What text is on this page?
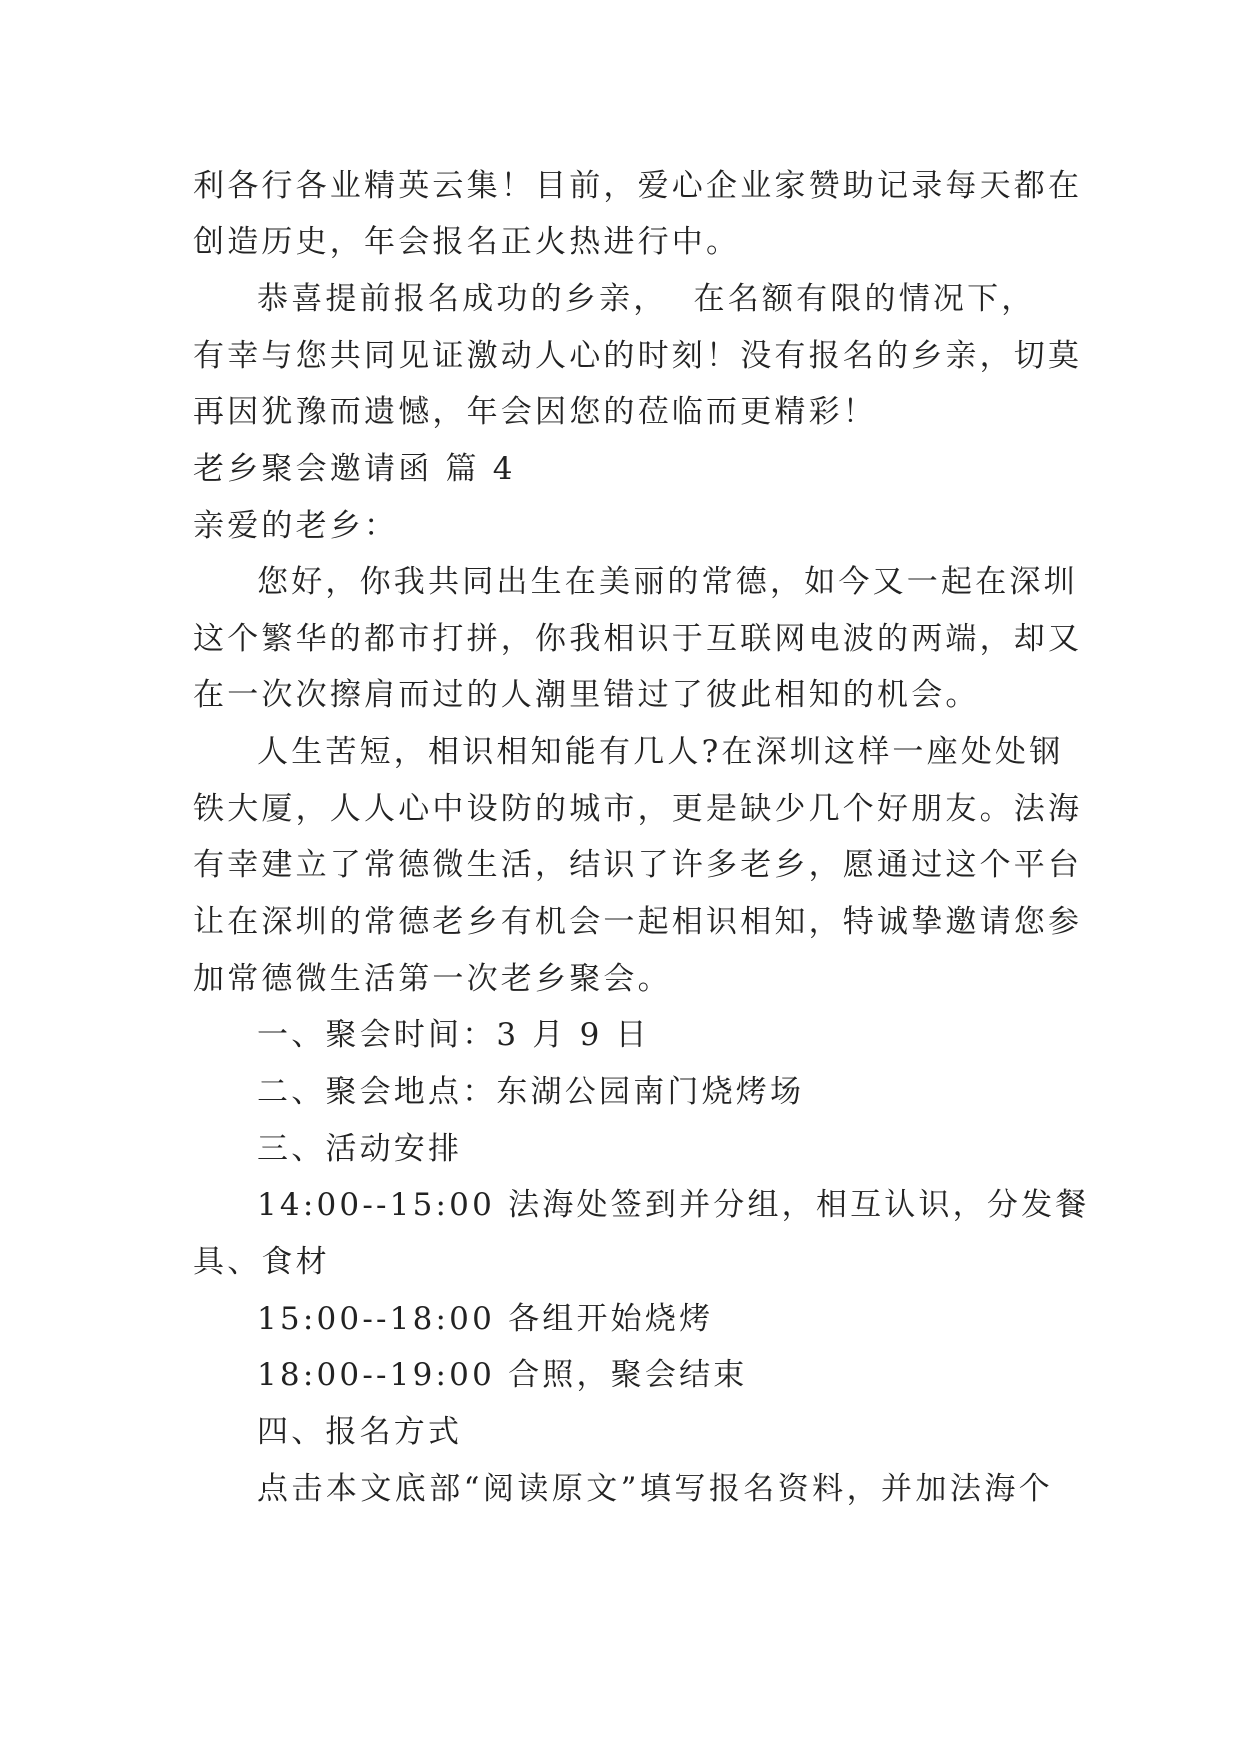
利各行各业精英云集！目前，爱心企业家赞助记录每天都在
创造历史，年会报名正火热进行中。
恭喜提前报名成功的乡亲，  在名额有限的情况下，
有幸与您共同见证激动人心的时刻！没有报名的乡亲，切莫
再因犹豫而遗憾，年会因您的莅临而更精彩！
老乡聚会邀请函 篇 4
亲爱的老乡：
您好，你我共同出生在美丽的常德，如今又一起在深圳
这个繁华的都市打拼，你我相识于互联网电波的两端，却又
在一次次擦肩而过的人潮里错过了彼此相知的机会。
人生苦短，相识相知能有几人?在深圳这样一座处处钢
铁大厦，人人心中设防的城市，更是缺少几个好朋友。法海
有幸建立了常德微生活，结识了许多老乡，愿通过这个平台
让在深圳的常德老乡有机会一起相识相知，特诚挚邀请您参
加常德微生活第一次老乡聚会。
一、聚会时间：3 月 9 日
二、聚会地点：东湖公园南门烧烤场
三、活动安排
14:00--15:00 法海处签到并分组，相互认识，分发餐
具、食材
15:00--18:00 各组开始烧烤
18:00--19:00 合照，聚会结束
四、报名方式
点击本文底部“阅读原文”填写报名资料，并加法海个
